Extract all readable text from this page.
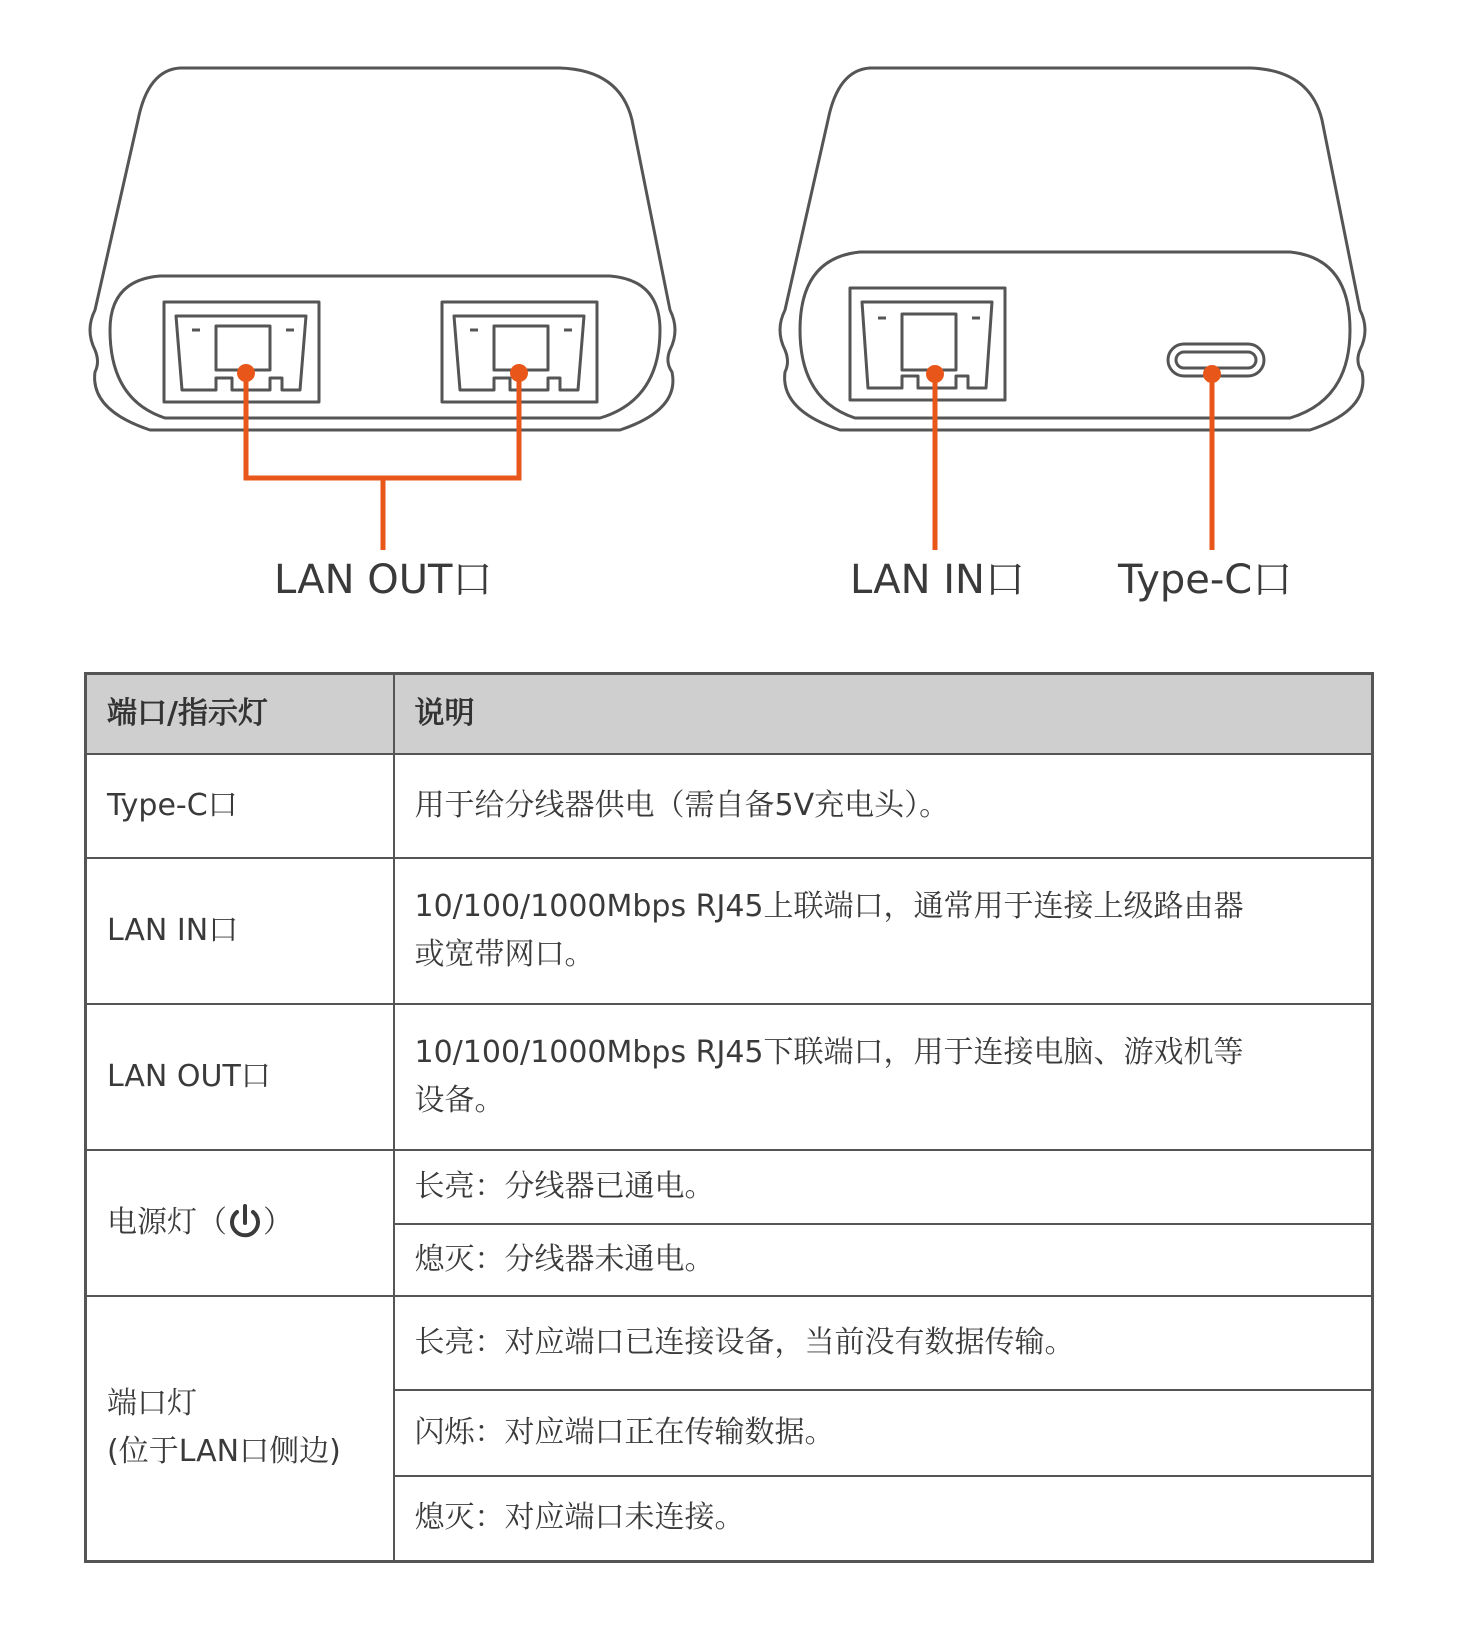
LAN OUT口	LAN IN口 Type-C口
端口/指示灯	说明
Type-C口	用于给分线器供电（需自备5V充电头）。
LAN IN口	10/100/1000Mbps RJ45上联端口，通常用于连接上级路由器
或宽带网口。

LAN OUT口	10/100/1000Mbps RJ45下联端口，用于连接电脑、游戏机等
设备。

电源灯（ ）	长亮：分线器已通电。
	熄灭：分线器未通电。

端口灯
(位于LAN口侧边)	长亮：对应端口已连接设备，当前没有数据传输。
	闪烁：对应端口正在传输数据。
	熄灭：对应端口未连接。
